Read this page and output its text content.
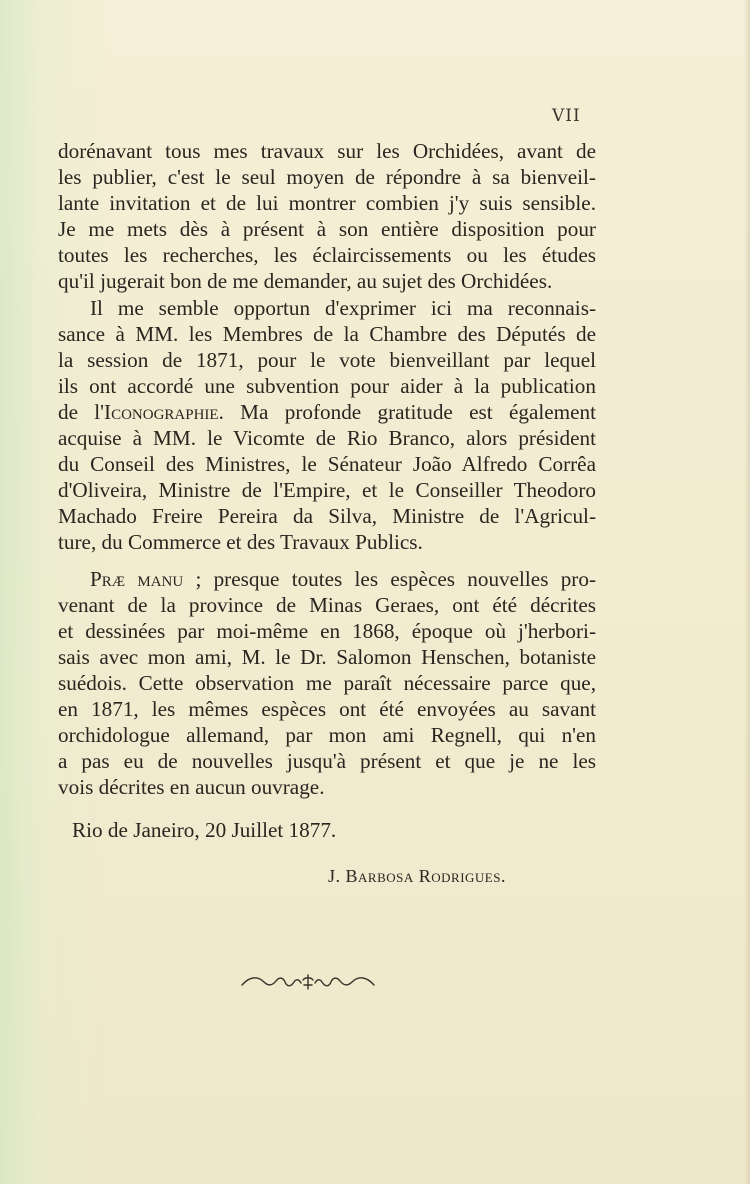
VII
dorénavant tous mes travaux sur les Orchidées, avant de
les publier, c'est le seul moyen de répondre à sa bienveil-
lante invitation et de lui montrer combien j'y suis sensible.
Je me mets dès à présent à son entière disposition pour
toutes les recherches, les éclaircissements ou les études
qu'il jugerait bon de me demander, au sujet des Orchidées.
Il me semble opportun d'exprimer ici ma reconnais-
sance à MM. les Membres de la Chambre des Députés de
la session de 1871, pour le vote bienveillant par lequel
ils ont accordé une subvention pour aider à la publication
de l'Iconographie. Ma profonde gratitude est également
acquise à MM. le Vicomte de Rio Branco, alors président
du Conseil des Ministres, le Sénateur João Alfredo Corrêa
d'Oliveira, Ministre de l'Empire, et le Conseiller Theodoro
Machado Freire Pereira da Silva, Ministre de l'Agricul-
ture, du Commerce et des Travaux Publics.
Præ manu ; presque toutes les espèces nouvelles pro-
venant de la province de Minas Geraes, ont été décrites
et dessinées par moi-même en 1868, époque où j'herbori-
sais avec mon ami, M. le Dr. Salomon Henschen, botaniste
suédois. Cette observation me paraît nécessaire parce que,
en 1871, les mêmes espèces ont été envoyées au savant
orchidologue allemand, par mon ami Regnell, qui n'en
a pas eu de nouvelles jusqu'à présent et que je ne les
vois décrites en aucun ouvrage.
Rio de Janeiro, 20 Juillet 1877.
J. Barbosa Rodrigues.
